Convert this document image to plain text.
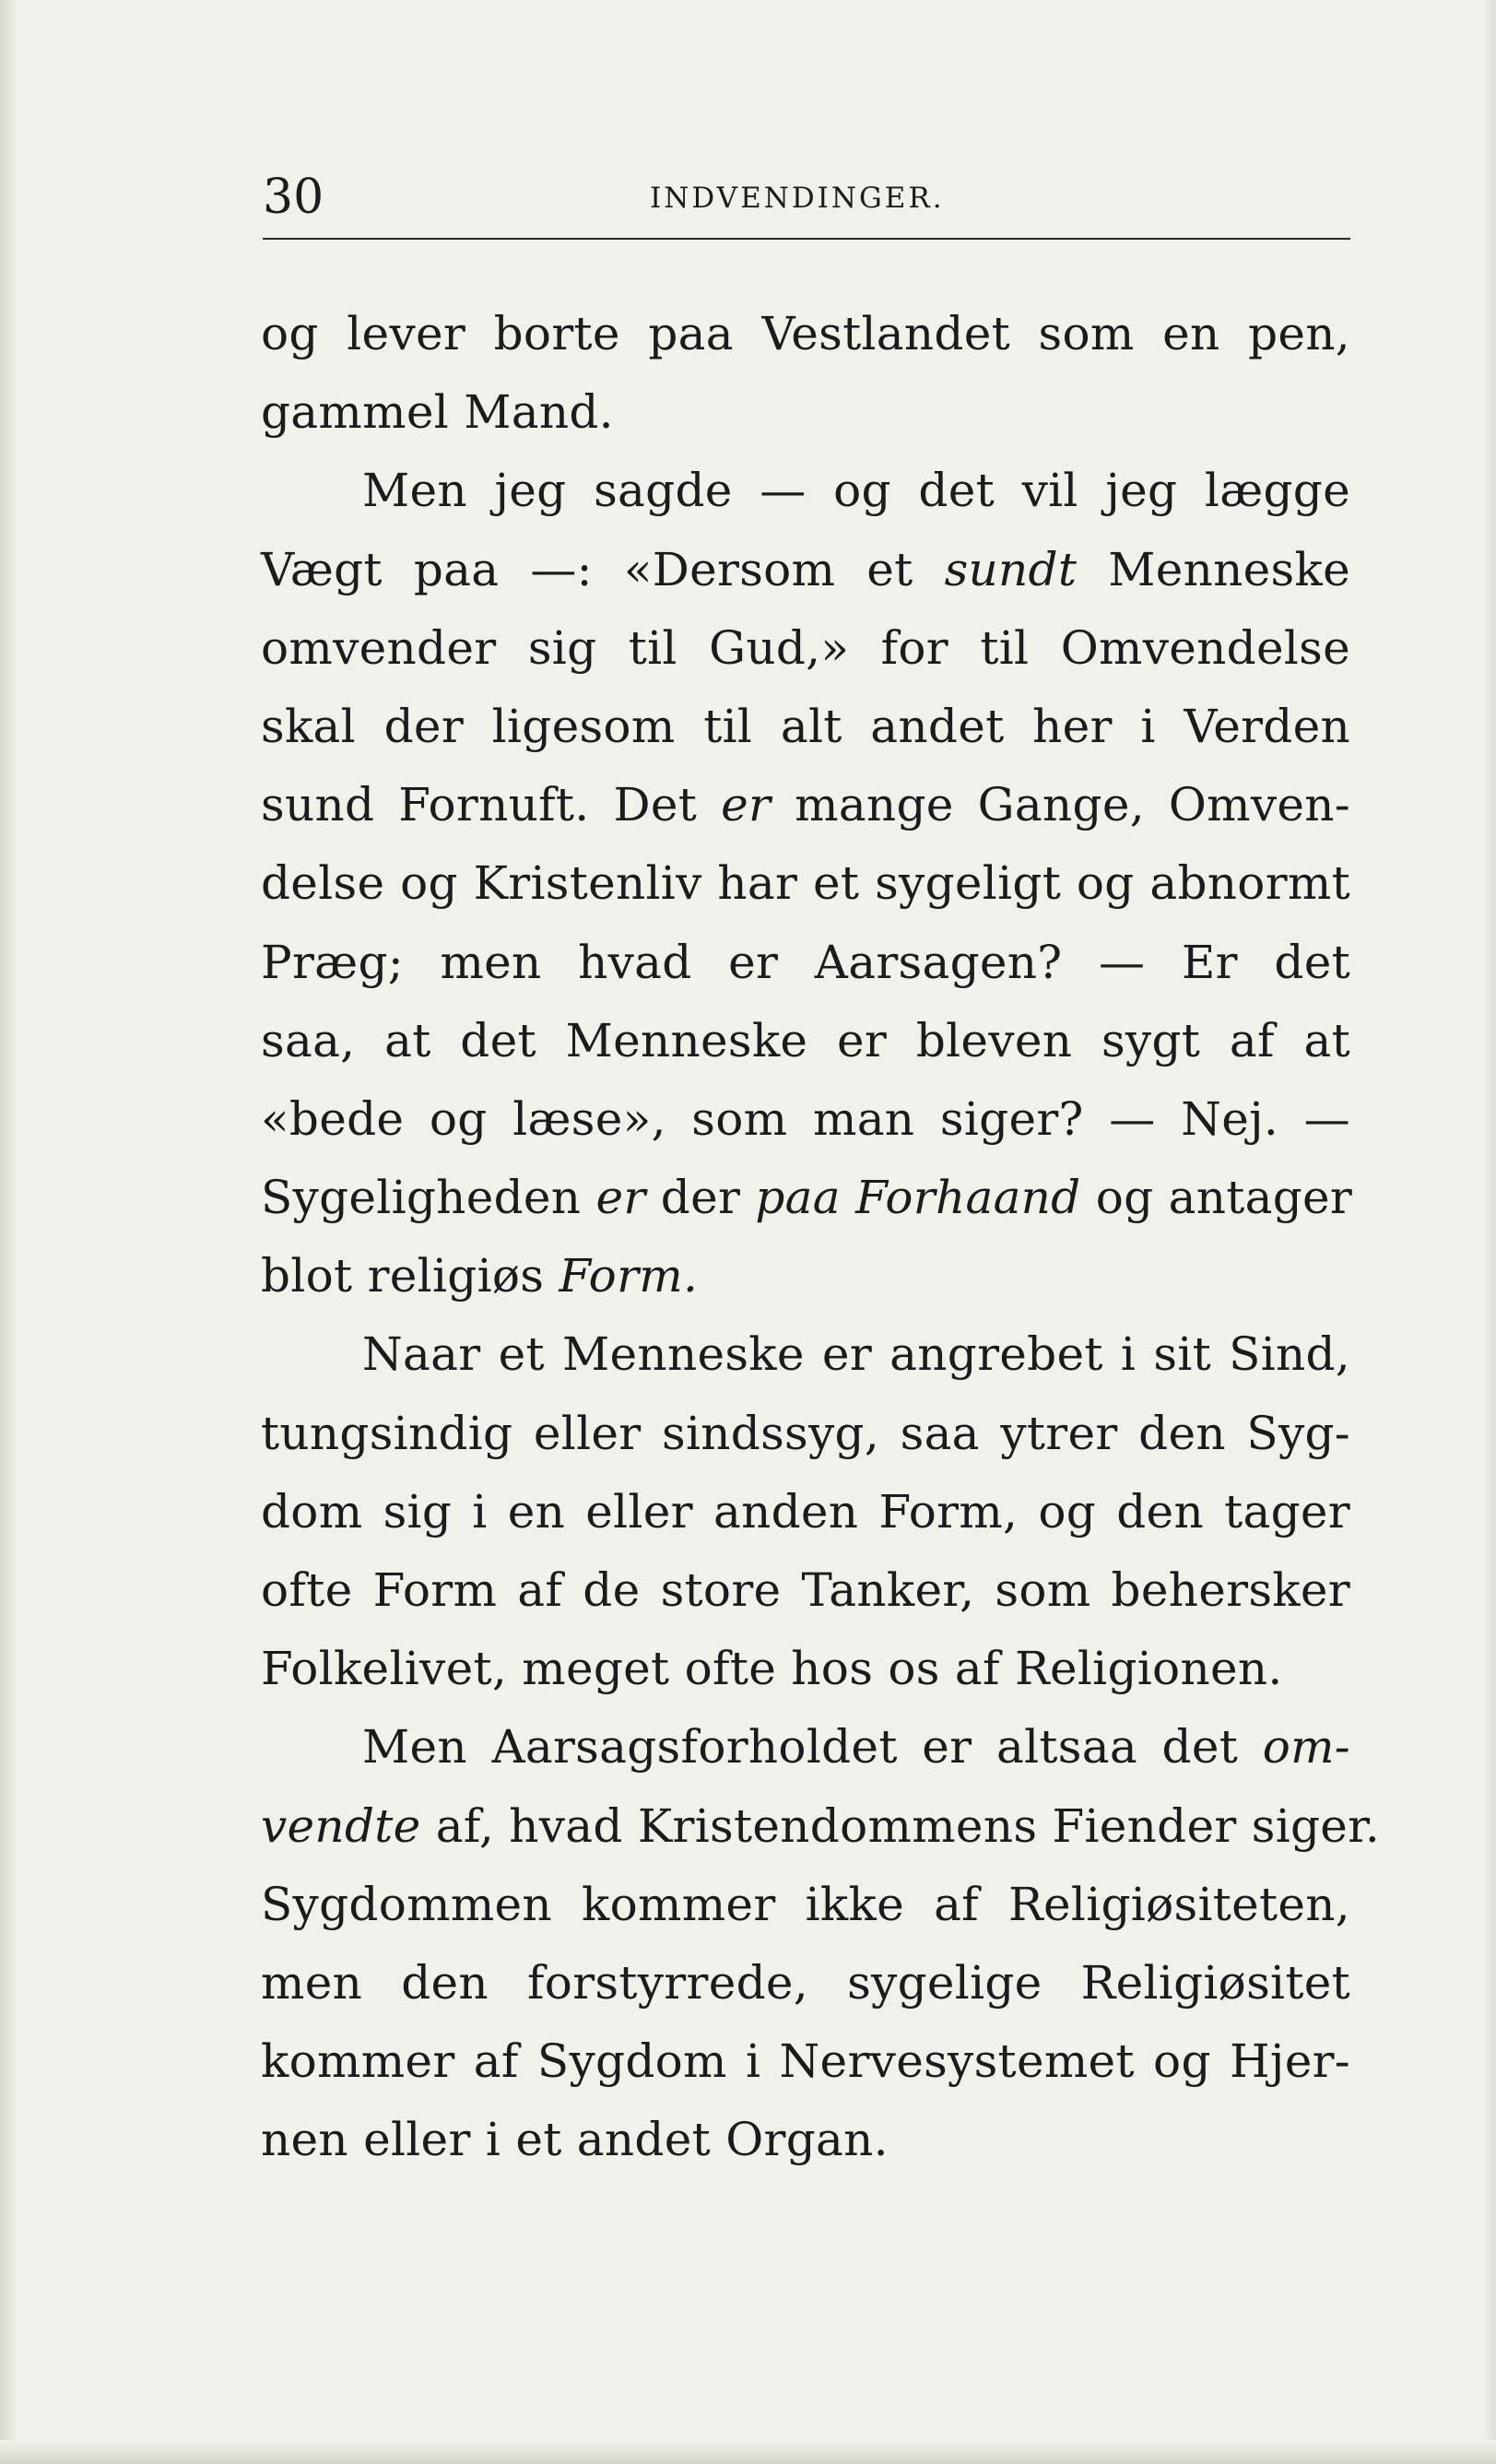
30	INDVENDINGER.
og lever borte paa Vestlandet som en pen,
gammel Mand.
Men jeg sagde — og det vil jeg lægge
Vægt paa —: «Dersom et sundt Menneske
omvender sig til Gud,» for til Omvendelse
skal der ligesom til alt andet her i Verden
sund Fornuft. Det er mange Gange, Omven-
delse og Kristenliv har et sygeligt og abnormt
Præg; men hvad er Aarsagen? — Er det
saa, at det Menneske er bleven sygt af at
«bede og læse», som man siger? — Nej. —
Sygeligheden er der paa Forhaand og antager
blot religiøs Form.
Naar et Menneske er angrebet i sit Sind,
tungsindig eller sindssyg, saa ytrer den Syg-
dom sig i en eller anden Form, og den tager
ofte Form af de store Tanker, som behersker
Folkelivet, meget ofte hos os af Religionen.
Men Aarsagsforholdet er altsaa det om-
vendte af, hvad Kristendommens Fiender siger.
Sygdommen kommer ikke af Religiøsiteten,
men den forstyrrede, sygelige Religiøsitet
kommer af Sygdom i Nervesystemet og Hjer-
nen eller i et andet Organ.
